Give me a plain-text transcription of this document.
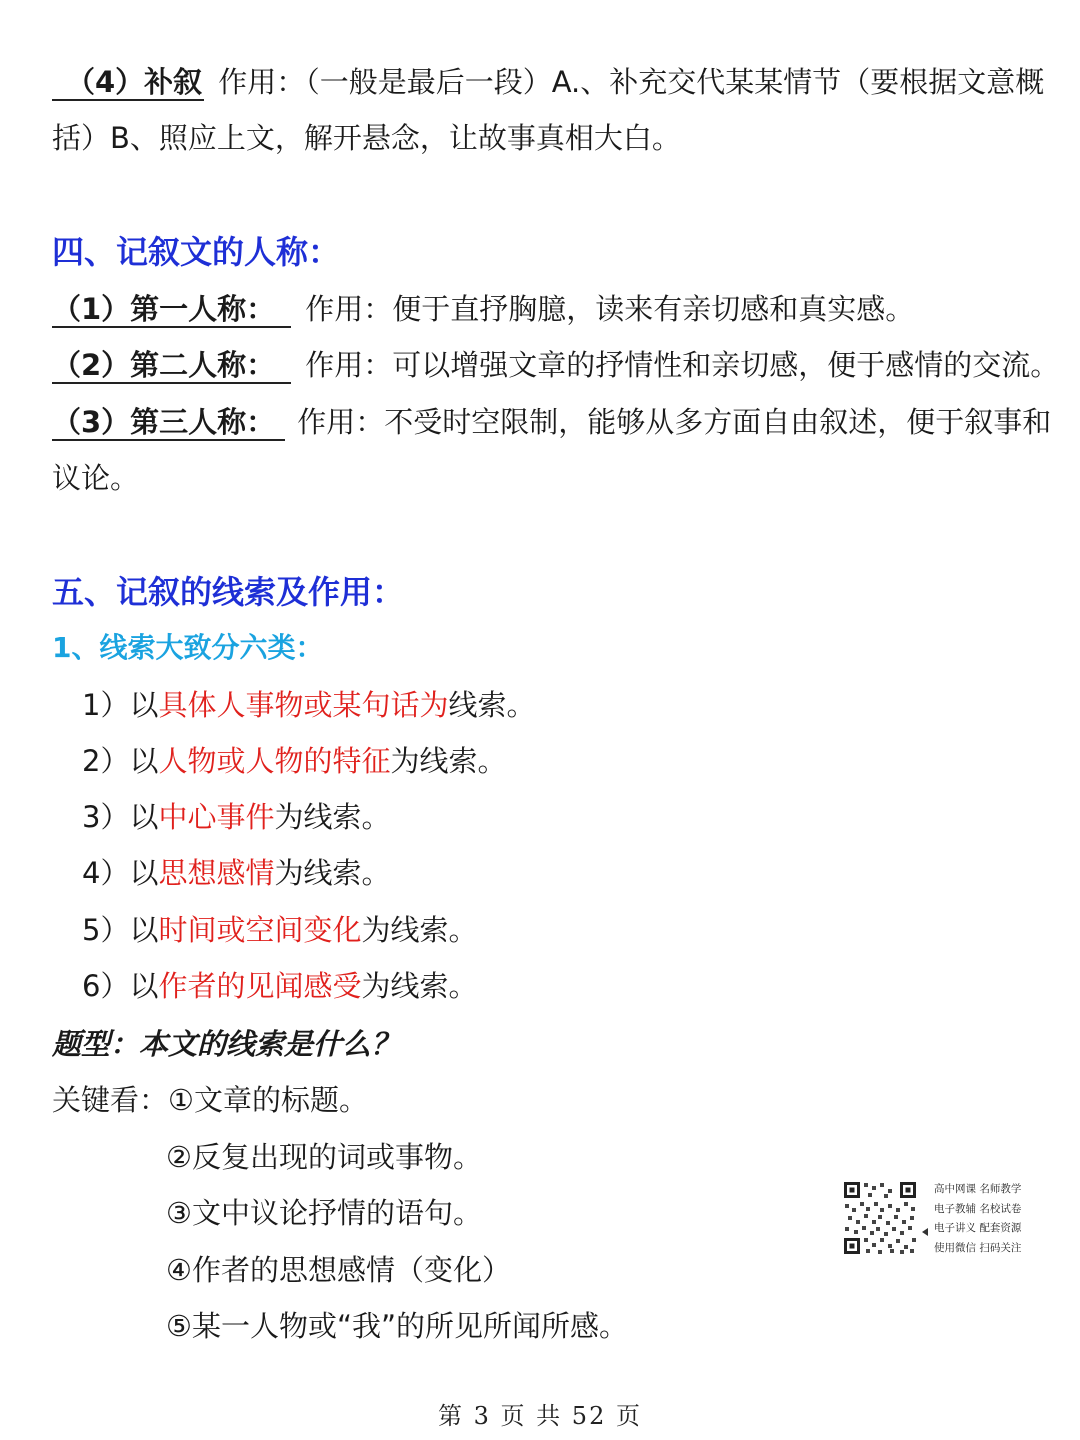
（4）补叙 作用：（一般是最后一段）A.、补充交代某某情节（要根据文意概
括）B、照应上文，解开悬念，让故事真相大白。
四、记叙文的人称：
（1）第一人称： 作用：便于直抒胸臆，读来有亲切感和真实感。
（2）第二人称： 作用：可以增强文章的抒情性和亲切感，便于感情的交流。
（3）第三人称： 作用：不受时空限制，能够从多方面自由叙述，便于叙事和
议论。
五、记叙的线索及作用：
1、线索大致分六类：
1）以具体人事物或某句话为线索。
2）以人物或人物的特征为线索。
3）以中心事件为线索。
4）以思想感情为线索。
5）以时间或空间变化为线索。
6）以作者的见闻感受为线索。
题型：本文的线索是什么？
关键看：①文章的标题。
②反复出现的词或事物。
③文中议论抒情的语句。
④作者的思想感情（变化）
⑤某一人物或“我”的所见所闻所感。
高中网课 名师教学
电子教辅 名校试卷
电子讲义 配套资源
使用微信 扫码关注
第 3 页 共 52 页
